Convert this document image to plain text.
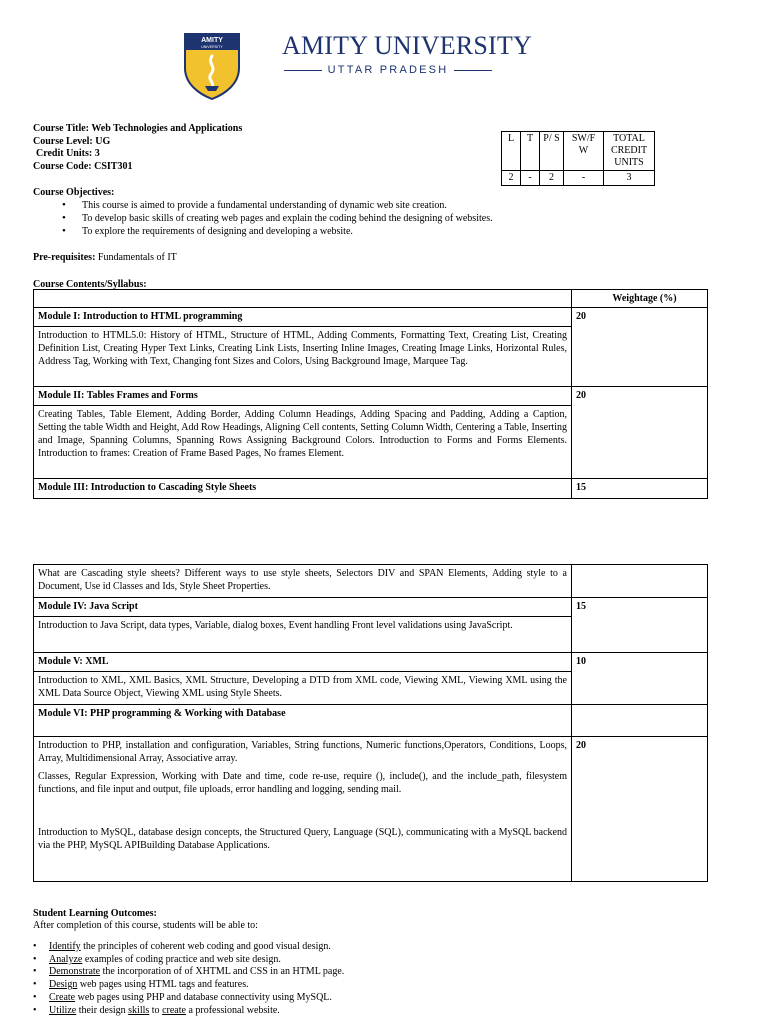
AMITY
UNIVERSITY AMITY UNIVERSITY
UTTAR PRADESH
Course Title: Web Technologies and Applications
Course Level: UG
Credit Units: 3
Course Code: CSIT301
L	T	P/ S	SW/F W	TOTAL CREDIT UNITS
2	-	2	-	3
Course Objectives:
• This course is aimed to provide a fundamental understanding of dynamic web site creation.
• To develop basic skills of creating web pages and explain the coding behind the designing of websites.
• To explore the requirements of designing and developing a website.
Pre-requisites: Fundamentals of IT
Course Contents/Syllabus:
	Weightage (%)
Module I: Introduction to HTML programming	20
Introduction to HTML5.0: History of HTML, Structure of HTML, Adding Comments, Formatting Text, Creating List, Creating Definition List, Creating Hyper Text Links, Creating Link Lists, Inserting Inline Images, Creating Image Links, Horizontal Rules, Address Tag, Working with Text, Changing font Sizes and Colors, Using Background Image, Marquee Tag.	
Module II: Tables Frames and Forms	20
Creating Tables, Table Element, Adding Border, Adding Column Headings, Adding Spacing and Padding, Adding a Caption, Setting the table Width and Height, Add Row Headings, Aligning Cell contents, Setting Column Width, Centering a Table, Inserting and Image, Spanning Columns, Spanning Rows Assigning Background Colors. Introduction to Forms and Forms Elements. Introduction to frames: Creation of Frame Based Pages, No frames Element.	
Module III: Introduction to Cascading Style Sheets	15
What are Cascading style sheets? Different ways to use style sheets, Selectors DIV and SPAN Elements, Adding style to a Document, Use id Classes and Ids, Style Sheet Properties.	
Module IV: Java Script	15
Introduction to Java Script, data types, Variable, dialog boxes, Event handling Front level validations using JavaScript.	
Module V: XML	10
Introduction to XML, XML Basics, XML Structure, Developing a DTD from XML code, Viewing XML, Viewing XML using the XML Data Source Object, Viewing XML using Style Sheets.	
Module VI: PHP programming & Working with Database	

Introduction to PHP, installation and configuration, Variables, String functions, Numeric functions,Operators, Conditions, Loops, Array, Multidimensional Array, Associative array.
Classes, Regular Expression, Working with Date and time, code re-use, require (), include(), and the include_path, filesystem functions, and file input and output, file uploads, error handling and logging, sending mail.
Introduction to MySQL, database design concepts, the Structured Query, Language (SQL), communicating with a MySQL backend via the PHP, MySQL APIBuilding Database Applications.	20
Student Learning Outcomes:
After completion of this course, students will be able to:
• Identify the principles of coherent web coding and good visual design.
• Analyze examples of coding practice and web site design.
• Demonstrate the incorporation of of XHTML and CSS in an HTML page.
• Design web pages using HTML tags and features.
• Create web pages using PHP and database connectivity using MySQL.
• Utilize their design skills to create a professional website.
